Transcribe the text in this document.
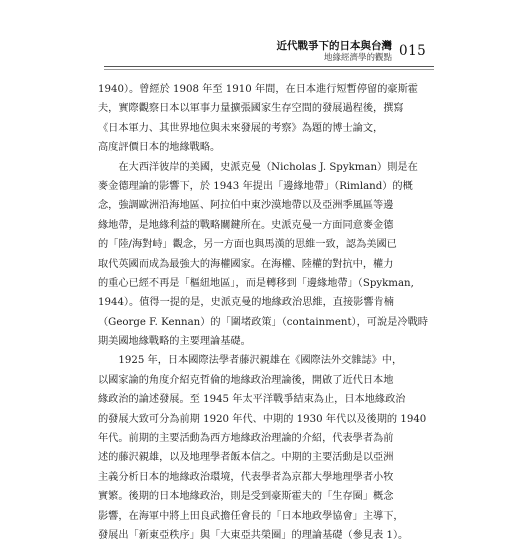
近代戰爭下的日本與台灣
地緣經濟學的觀點 015
1940）。曾經於 1908 年至 1910 年間，在日本進行短暫停留的豪斯霍
夫，實際觀察日本以軍事力量擴張國家生存空間的發展過程後，撰寫
《日本軍力、其世界地位與未來發展的考察》為題的博士論文，
高度評價日本的地緣戰略。
　　在大西洋彼岸的美國，史派克曼（Nicholas J. Spykman）則是在
麥金德理論的影響下，於 1943 年提出「邊緣地帶」（Rimland）的概
念，強調歐洲沿海地區、阿拉伯中東沙漠地帶以及亞洲季風區等邊
緣地帶，是地緣利益的戰略關鍵所在。史派克曼一方面同意麥金德
的「陸/海對峙」觀念，另一方面也與馬漢的思維一致，認為美國已
取代英國而成為最強大的海權國家。在海權、陸權的對抗中，權力
的重心已經不再是「樞紐地區」，而是轉移到「邊緣地帶」（Spykman,
1944）。值得一提的是，史派克曼的地緣政治思維，直接影響肯楠
（George F. Kennan）的「圍堵政策」（containment），可說是冷戰時
期美國地緣戰略的主要理論基礎。
　　1925 年，日本國際法學者藤沢親雄在《國際法外交雜誌》中，
以國家論的角度介紹克哲倫的地緣政治理論後，開啟了近代日本地
緣政治的論述發展。至 1945 年太平洋戰爭結束為止，日本地緣政治
的發展大致可分為前期 1920 年代、中期的 1930 年代以及後期的 1940
年代。前期的主要活動為西方地緣政治理論的介紹，代表學者為前
述的藤沢親雄，以及地理學者飯本信之。中期的主要活動是以亞洲
主義分析日本的地緣政治環境，代表學者為京都大學地理學者小牧
實繁。後期的日本地緣政治，則是受到豪斯霍夫的「生存圈」概念
影響，在海軍中將上田良武擔任會長的「日本地政學協會」主導下，
發展出「新東亞秩序」與「大東亞共榮圈」的理論基礎（參見表 1）。
